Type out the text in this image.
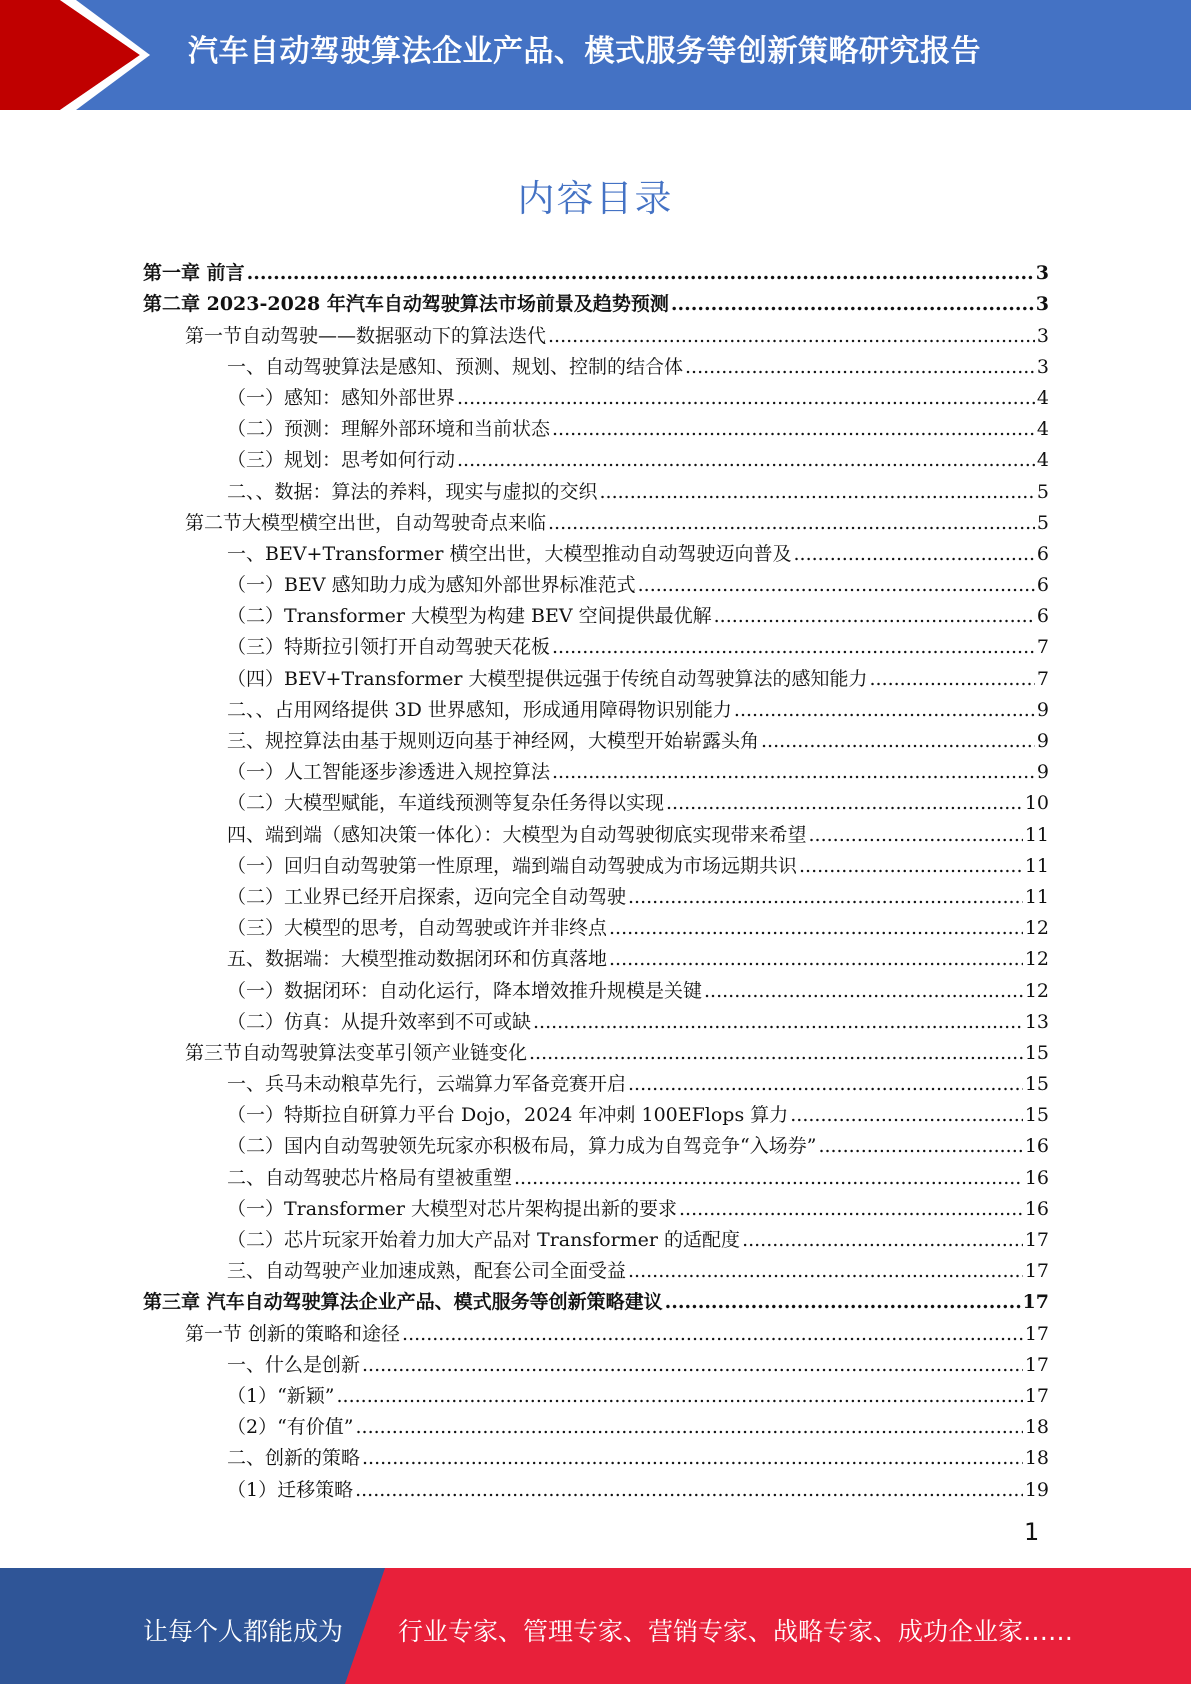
汽车自动驾驶算法企业产品、模式服务等创新策略研究报告
内容目录
第一章 前言 .....	3
第二章 2023-2028 年汽车自动驾驶算法市场前景及趋势预测 .....	3
第一节自动驾驶——数据驱动下的算法迭代 .....	3
一、自动驾驶算法是感知、预测、规划、控制的结合体 .....	3
（一）感知：感知外部世界 .....	4
（二）预测：理解外部环境和当前状态 .....	4
（三）规划：思考如何行动 .....	4
二、、数据：算法的养料，现实与虚拟的交织 .....	5
第二节大模型横空出世，自动驾驶奇点来临 .....	5
一、BEV+Transformer 横空出世，大模型推动自动驾驶迈向普及 .....	6
（一）BEV 感知助力成为感知外部世界标准范式 .....	6
（二）Transformer 大模型为构建 BEV 空间提供最优解 .....	6
（三）特斯拉引领打开自动驾驶天花板 .....	7
（四）BEV+Transformer 大模型提供远强于传统自动驾驶算法的感知能力 .....	7
二、、占用网络提供 3D 世界感知，形成通用障碍物识别能力 .....	9
三、规控算法由基于规则迈向基于神经网，大模型开始崭露头角 .....	9
（一）人工智能逐步渗透进入规控算法 .....	9
（二）大模型赋能，车道线预测等复杂任务得以实现 .....	10
四、端到端（感知决策一体化）：大模型为自动驾驶彻底实现带来希望 .....	11
（一）回归自动驾驶第一性原理，端到端自动驾驶成为市场远期共识 .....	11
（二）工业界已经开启探索，迈向完全自动驾驶 .....	11
（三）大模型的思考，自动驾驶或许并非终点 .....	12
五、数据端：大模型推动数据闭环和仿真落地 .....	12
（一）数据闭环：自动化运行，降本增效推升规模是关键 .....	12
（二）仿真：从提升效率到不可或缺 .....	13
第三节自动驾驶算法变革引领产业链变化 .....	15
一、兵马未动粮草先行，云端算力军备竞赛开启 .....	15
（一）特斯拉自研算力平台 Dojo，2024 年冲刺 100EFlops 算力 .....	15
（二）国内自动驾驶领先玩家亦积极布局，算力成为自驾竞争“入场券” .....	16
二、自动驾驶芯片格局有望被重塑 .....	16
（一）Transformer 大模型对芯片架构提出新的要求 .....	16
（二）芯片玩家开始着力加大产品对 Transformer 的适配度 .....	17
三、自动驾驶产业加速成熟，配套公司全面受益 .....	17
第三章 汽车自动驾驶算法企业产品、模式服务等创新策略建议 .....	17
第一节 创新的策略和途径 .....	17
一、什么是创新 .....	17
（1）“新颖” .....	17
（2）“有价值” .....	18
二、创新的策略 .....	18
（1）迁移策略 .....	19
1
让每个人都能成为 行业专家、管理专家、营销专家、战略专家、成功企业家……
